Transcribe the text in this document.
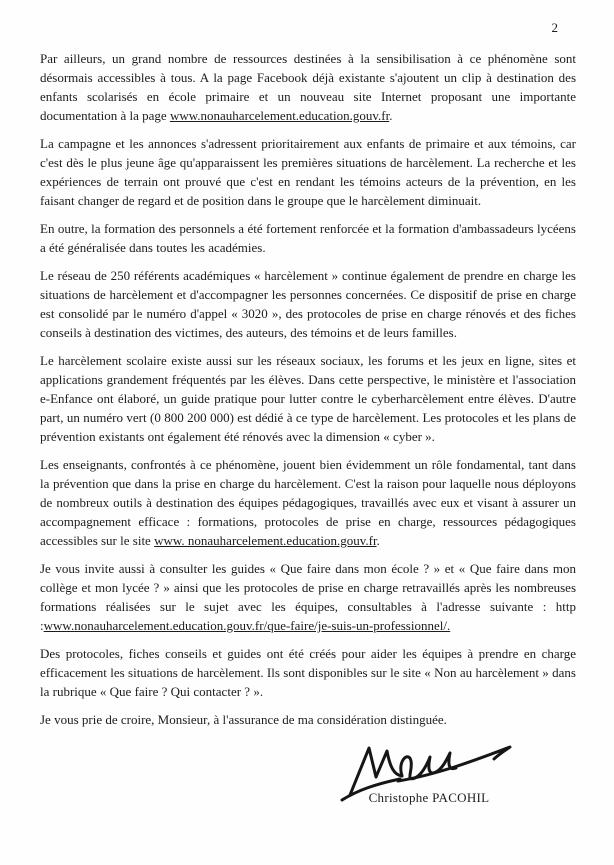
2

Par ailleurs, un grand nombre de ressources destinées à la sensibilisation à ce phénomène sont désormais accessibles à tous. A la page Facebook déjà existante s'ajoutent un clip à destination des enfants scolarisés en école primaire et un nouveau site Internet proposant une importante documentation à la page www.nonauharcelement.education.gouv.fr.

La campagne et les annonces s'adressent prioritairement aux enfants de primaire et aux témoins, car c'est dès le plus jeune âge qu'apparaissent les premières situations de harcèlement. La recherche et les expériences de terrain ont prouvé que c'est en rendant les témoins acteurs de la prévention, en les faisant changer de regard et de position dans le groupe que le harcèlement diminuait.

En outre, la formation des personnels a été fortement renforcée et la formation d'ambassadeurs lycéens a été généralisée dans toutes les académies.

Le réseau de 250 référents académiques « harcèlement » continue également de prendre en charge les situations de harcèlement et d'accompagner les personnes concernées. Ce dispositif de prise en charge est consolidé par le numéro d'appel « 3020 », des protocoles de prise en charge rénovés et des fiches conseils à destination des victimes, des auteurs, des témoins et de leurs familles.

Le harcèlement scolaire existe aussi sur les réseaux sociaux, les forums et les jeux en ligne, sites et applications grandement fréquentés par les élèves. Dans cette perspective, le ministère et l'association e-Enfance ont élaboré, un guide pratique pour lutter contre le cyberharcèlement entre élèves. D'autre part, un numéro vert (0 800 200 000) est dédié à ce type de harcèlement. Les protocoles et les plans de prévention existants ont également été rénovés avec la dimension « cyber ».

Les enseignants, confrontés à ce phénomène, jouent bien évidemment un rôle fondamental, tant dans la prévention que dans la prise en charge du harcèlement. C'est la raison pour laquelle nous déployons de nombreux outils à destination des équipes pédagogiques, travaillés avec eux et visant à assurer un accompagnement efficace : formations, protocoles de prise en charge, ressources pédagogiques accessibles sur le site www. nonauharcelement.education.gouv.fr.

Je vous invite aussi à consulter les guides « Que faire dans mon école ? » et « Que faire dans mon collège et mon lycée ? » ainsi que les protocoles de prise en charge retravaillés après les nombreuses formations réalisées sur le sujet avec les équipes, consultables à l'adresse suivante : http :www.nonauharcelement.education.gouv.fr/que-faire/je-suis-un-professionnel/.

Des protocoles, fiches conseils et guides ont été créés pour aider les équipes à prendre en charge efficacement les situations de harcèlement. Ils sont disponibles sur le site « Non au harcèlement » dans la rubrique « Que faire ? Qui contacter ? ».

Je vous prie de croire, Monsieur, à l'assurance de ma considération distinguée.

Christophe PACOHIL
